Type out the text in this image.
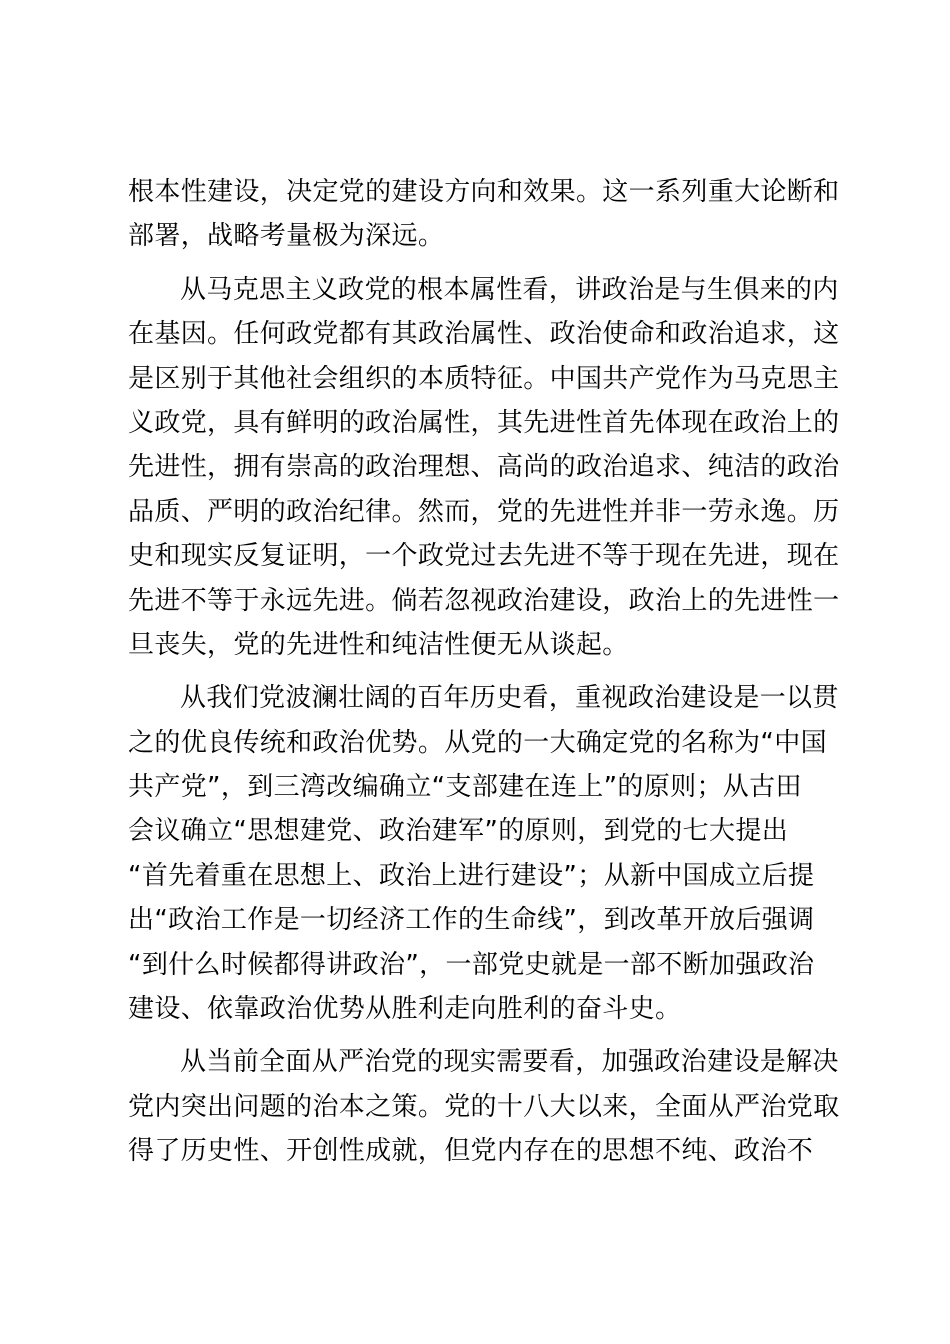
根本性建设，决定党的建设方向和效果。这一系列重大论断和
部署，战略考量极为深远。
从马克思主义政党的根本属性看，讲政治是与生俱来的内
在基因。任何政党都有其政治属性、政治使命和政治追求，这
是区别于其他社会组织的本质特征。中国共产党作为马克思主
义政党，具有鲜明的政治属性，其先进性首先体现在政治上的
先进性，拥有崇高的政治理想、高尚的政治追求、纯洁的政治
品质、严明的政治纪律。然而，党的先进性并非一劳永逸。历
史和现实反复证明，一个政党过去先进不等于现在先进，现在
先进不等于永远先进。倘若忽视政治建设，政治上的先进性一
旦丧失，党的先进性和纯洁性便无从谈起。
从我们党波澜壮阔的百年历史看，重视政治建设是一以贯
之的优良传统和政治优势。从党的一大确定党的名称为“中国
共产党”，到三湾改编确立“支部建在连上”的原则；从古田
会议确立“思想建党、政治建军”的原则，到党的七大提出
“首先着重在思想上、政治上进行建设”；从新中国成立后提
出“政治工作是一切经济工作的生命线”，到改革开放后强调
“到什么时候都得讲政治”，一部党史就是一部不断加强政治
建设、依靠政治优势从胜利走向胜利的奋斗史。
从当前全面从严治党的现实需要看，加强政治建设是解决
党内突出问题的治本之策。党的十八大以来，全面从严治党取
得了历史性、开创性成就，但党内存在的思想不纯、政治不
